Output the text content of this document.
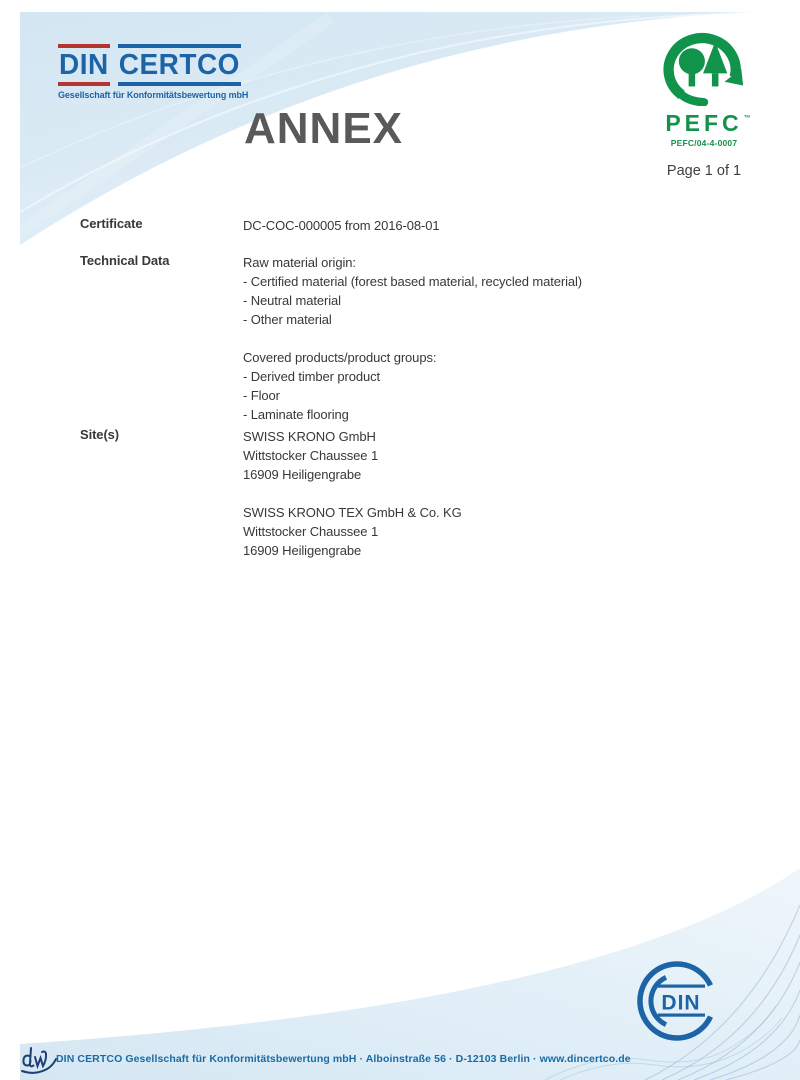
DIN CERTCO
Gesellschaft für Konformitätsbewertung mbH
ANNEX	PEFC ™
PEFC/04-4-0007
Page 1 of 1
Certificate	DC-COC-000005 from 2016-08-01
Technical Data	Raw material origin:
- Certified material (forest based material, recycled material)
- Neutral material
- Other material
Covered products/product groups:
- Derived timber product
- Floor
- Laminate flooring
Site(s)	SWISS KRONO GmbH
Wittstocker Chaussee 1
16909 Heiligengrabe
SWISS KRONO TEX GmbH & Co. KG
Wittstocker Chaussee 1
16909 Heiligengrabe
DIN
DIN CERTCO Gesellschaft für Konformitätsbewertung mbH · Alboinstraße 56 · D-12103 Berlin · www.dincertco.de
